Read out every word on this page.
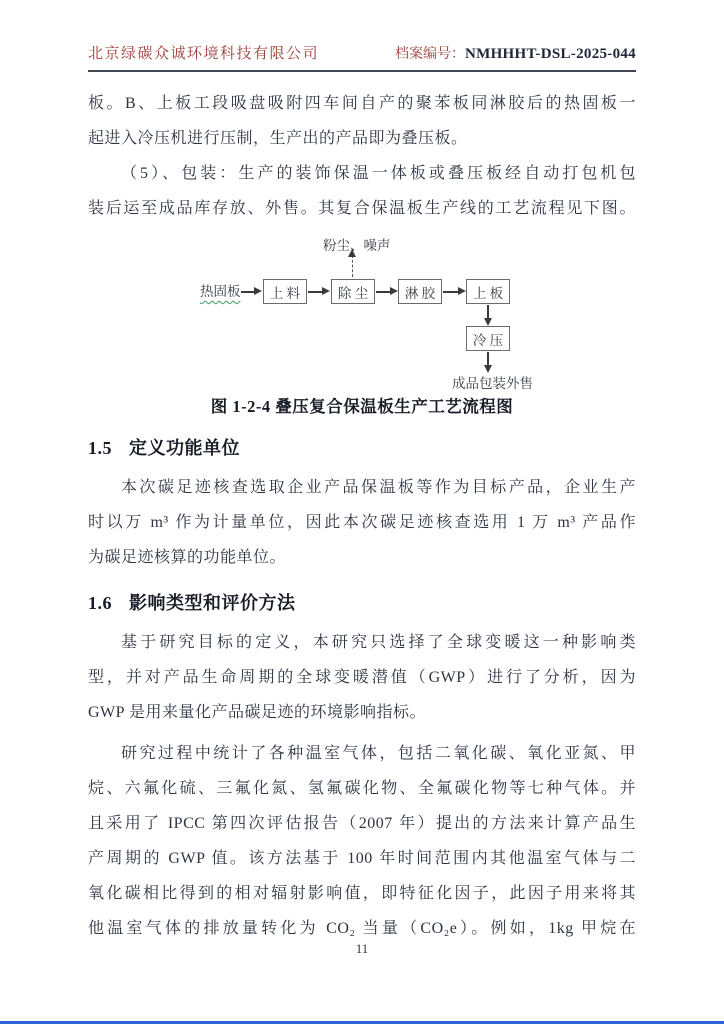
北京绿碳众诚环境科技有限公司	档案编号：NMHHHT-DSL-2025-044
板。B、上板工段吸盘吸附四车间自产的聚苯板同淋胶后的热固板一
起进入冷压机进行压制，生产出的产品即为叠压板。
（5）、包装：生产的装饰保温一体板或叠压板经自动打包机包
装后运至成品库存放、外售。其复合保温板生产线的工艺流程见下图。
热固板	上 料	除 尘
粉尘、噪声
淋 胶	上 板
冷 压
成品包装外售
图 1-2-4 叠压复合保温板生产工艺流程图
1.5 定义功能单位
本次碳足迹核查选取企业产品保温板等作为目标产品，企业生产
时以万 m³ 作为计量单位，因此本次碳足迹核查选用 1 万 m³ 产品作
为碳足迹核算的功能单位。
1.6 影响类型和评价方法
基于研究目标的定义，本研究只选择了全球变暖这一种影响类
型，并对产品生命周期的全球变暖潜值（GWP）进行了分析，因为
GWP 是用来量化产品碳足迹的环境影响指标。
研究过程中统计了各种温室气体，包括二氧化碳、氧化亚氮、甲
烷、六氟化硫、三氟化氮、氢氟碳化物、全氟碳化物等七种气体。并
且采用了 IPCC 第四次评估报告（2007 年）提出的方法来计算产品生
产周期的 GWP 值。该方法基于 100 年时间范围内其他温室气体与二
氧化碳相比得到的相对辐射影响值，即特征化因子，此因子用来将其
他温室气体的排放量转化为 CO₂ 当量（CO₂e）。例如，1kg 甲烷在
11
